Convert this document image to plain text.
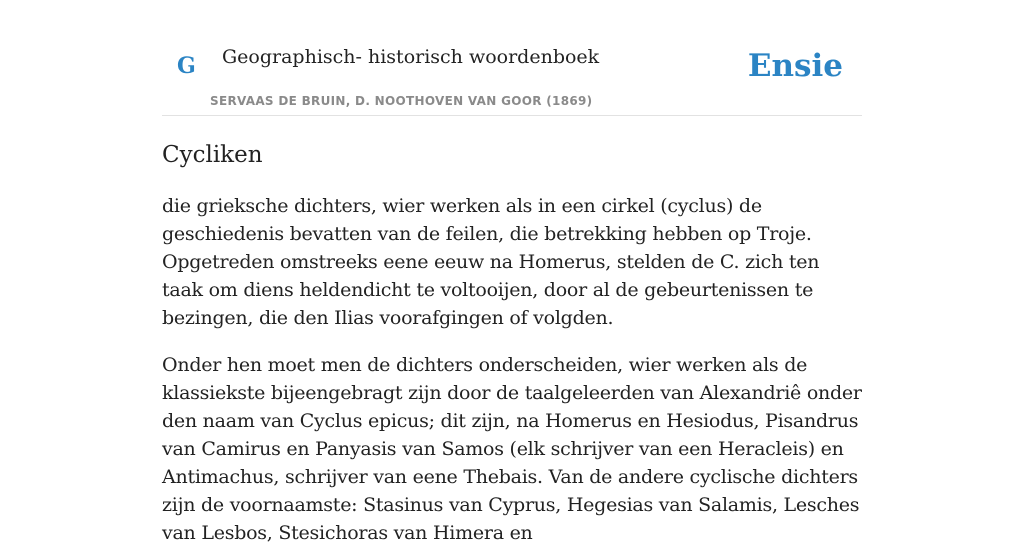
G Geographisch- historisch woordenboek
SERVAAS DE BRUIN, D. NOOTHOVEN VAN GOOR (1869)
Ensie
Cycliken

die grieksche dichters, wier werken als in een cirkel (cyclus) de geschiedenis bevatten van de feilen, die betrekking hebben op Troje. Opgetreden omstreeks eene eeuw na Homerus, stelden de C. zich ten taak om diens heldendicht te voltooijen, door al de gebeurtenissen te bezingen, die den Ilias voorafgingen of volgden.

Onder hen moet men de dichters onderscheiden, wier werken als de klassiekste bijeengebragt zijn door de taalgeleerden van Alexandriê onder den naam van Cyclus epicus; dit zijn, na Homerus en Hesiodus, Pisandrus van Camirus en Panyasis van Samos (elk schrijver van een Heracleis) en Antimachus, schrijver van eene Thebais. Van de andere cyclische dichters zijn de voornaamste: Stasinus van Cyprus, Hegesias van Salamis, Lesches van Lesbos, Stesichoras van Himera en
